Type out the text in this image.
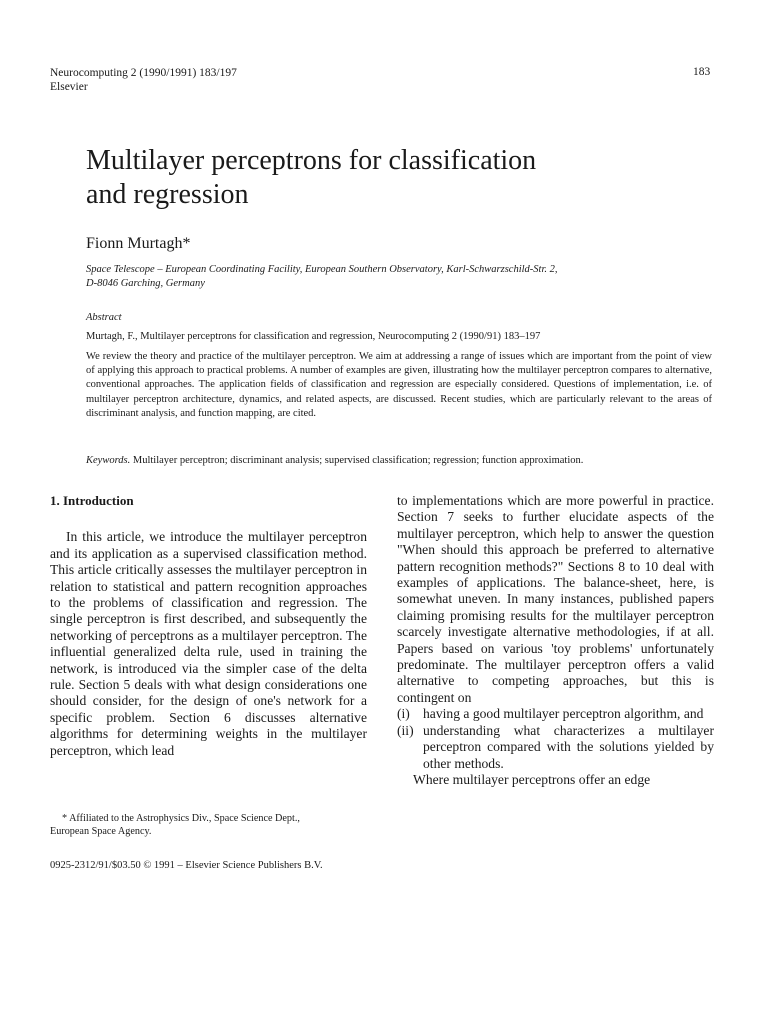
Neurocomputing 2 (1990/1991) 183/197
Elsevier
183
Multilayer perceptrons for classification
and regression
Fionn Murtagh*
Space Telescope – European Coordinating Facility, European Southern Observatory, Karl-Schwarzschild-Str. 2,
D-8046 Garching, Germany
Abstract
Murtagh, F., Multilayer perceptrons for classification and regression, Neurocomputing 2 (1990/91) 183–197
We review the theory and practice of the multilayer perceptron. We aim at addressing a range of issues which are important from the point of view of applying this approach to practical problems. A number of examples are given, illustrating how the multilayer perceptron compares to alternative, conventional approaches. The application fields of classification and regression are especially considered. Questions of implementation, i.e. of multilayer perceptron architecture, dynamics, and related aspects, are discussed. Recent studies, which are particularly relevant to the areas of discriminant analysis, and function mapping, are cited.
Keywords. Multilayer perceptron; discriminant analysis; supervised classification; regression; function approximation.
1. Introduction

In this article, we introduce the multilayer perceptron and its application as a supervised classification method. This article critically assesses the multilayer perceptron in relation to statistical and pattern recognition approaches to the problems of classification and regression. The single perceptron is first described, and subsequently the networking of perceptrons as a multilayer perceptron. The influential generalized delta rule, used in training the network, is introduced via the simpler case of the delta rule. Section 5 deals with what design considerations one should consider, for the design of one's network for a specific problem. Section 6 discusses alternative algorithms for determining weights in the multilayer perceptron, which lead

to implementations which are more powerful in practice. Section 7 seeks to further elucidate aspects of the multilayer perceptron, which help to answer the question "When should this approach be preferred to alternative pattern recognition methods?" Sections 8 to 10 deal with examples of applications. The balance-sheet, here, is somewhat uneven. In many instances, published papers claiming promising results for the multilayer perceptron scarcely investigate alternative methodologies, if at all. Papers based on various 'toy problems' unfortunately predominate. The multilayer perceptron offers a valid alternative to competing approaches, but this is contingent on

(i) having a good multilayer perceptron algorithm, and
(ii) understanding what characterizes a multilayer perceptron compared with the solutions yielded by other methods.

Where multilayer perceptrons offer an edge

* Affiliated to the Astrophysics Div., Space Science Dept.,
European Space Agency.
0925-2312/91/$03.50 © 1991 – Elsevier Science Publishers B.V.
